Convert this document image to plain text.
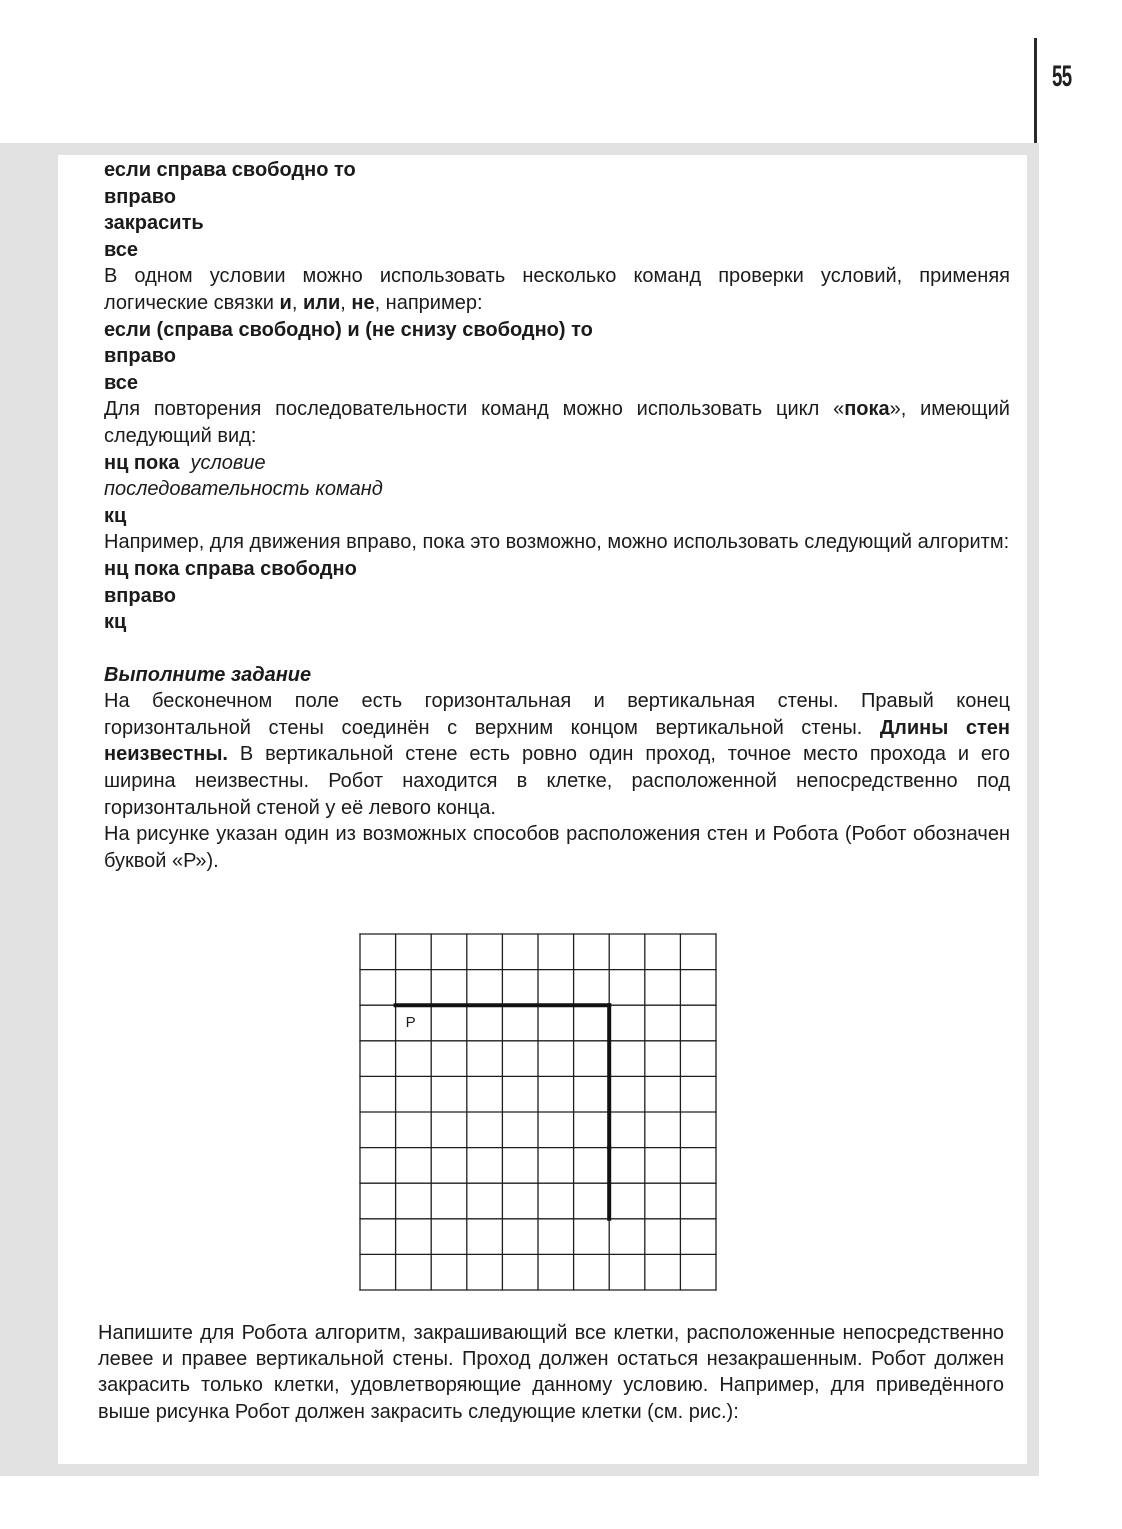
55

если справа свободно то

вправо

закрасить

все

В одном условии можно использовать несколько команд проверки условий, применяя логические связки и, или, не, например:

если (справа свободно) и (не снизу свободно) то

вправо

все

Для повторения последовательности команд можно использовать цикл «пока», имеющий следующий вид:

нц пока условие

последовательность команд

кц

Например, для движения вправо, пока это возможно, можно использовать следующий алгоритм:

нц пока справа свободно

вправо

кц

Выполните задание

На бесконечном поле есть горизонтальная и вертикальная стены. Правый конец горизонтальной стены соединён с верхним концом вертикальной стены. Длины стен неизвестны. В вертикальной стене есть ровно один проход, точное место прохода и его ширина неизвестны. Робот находится в клетке, расположенной непосредственно под горизонтальной стеной у её левого конца.

На рисунке указан один из возможных способов расположения стен и Робота (Робот обозначен буквой «Р»).

Р

Напишите для Робота алгоритм, закрашивающий все клетки, расположенные непосредственно левее и правее вертикальной стены. Проход должен остаться незакрашенным. Робот должен закрасить только клетки, удовлетворяющие данному условию. Например, для приведённого выше рисунка Робот должен закрасить следующие клетки (см. рис.):
